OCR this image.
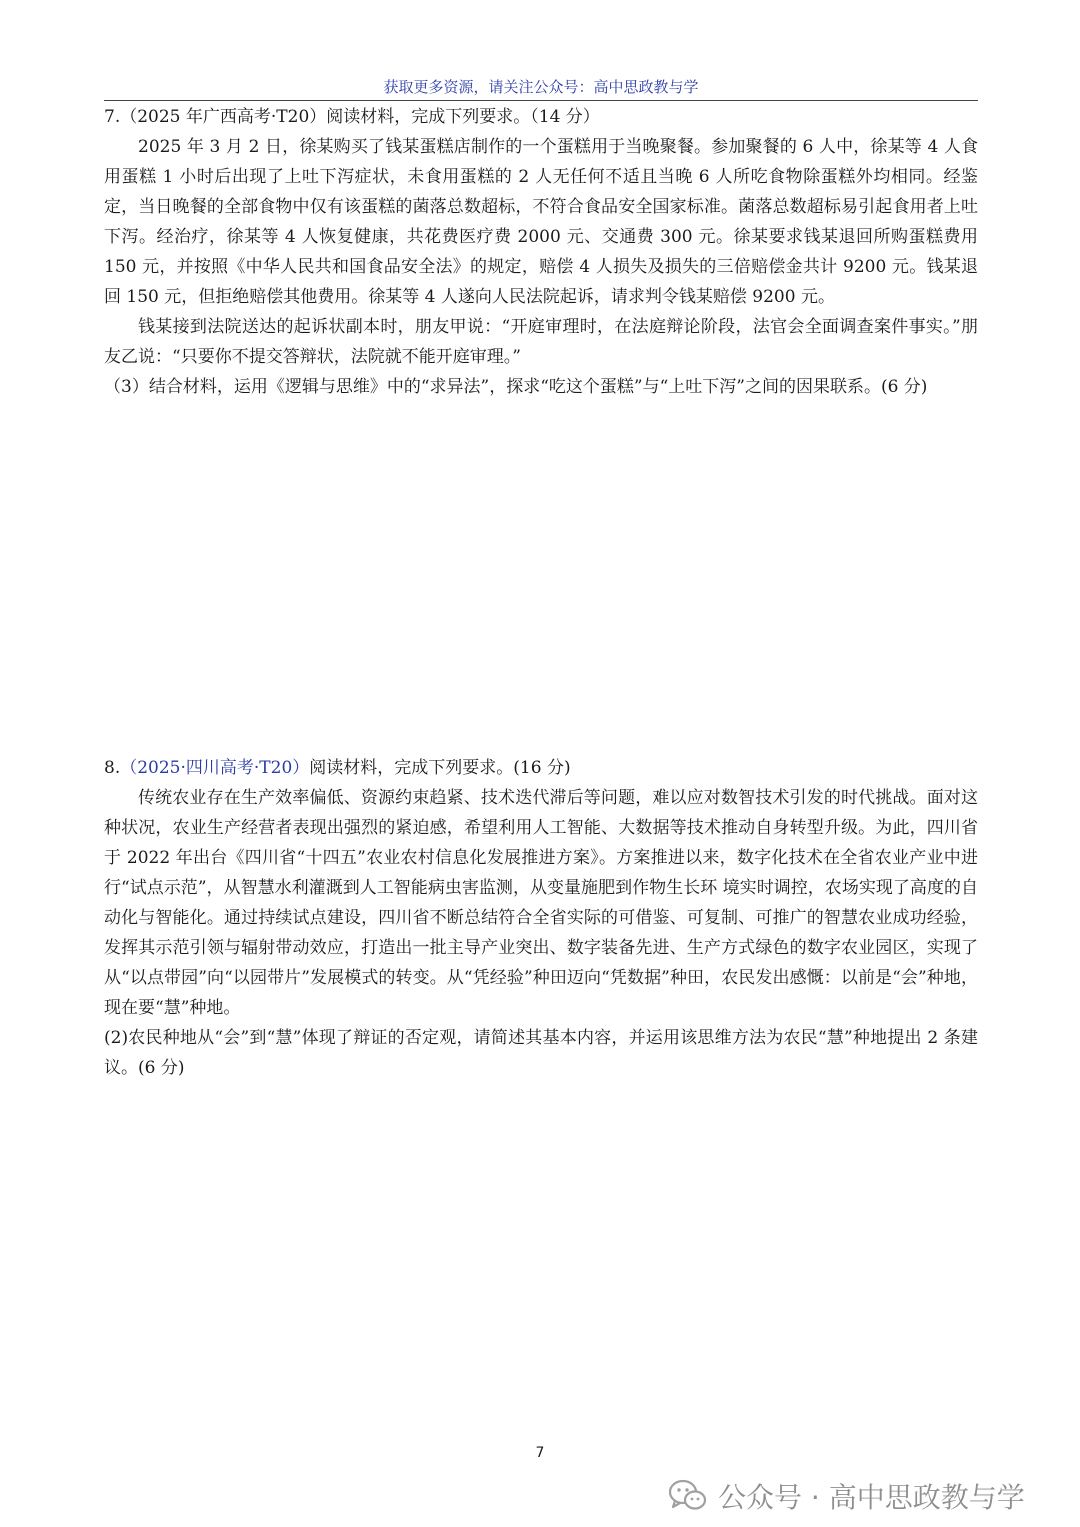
获取更多资源，请关注公众号：高中思政教与学

7.（2025 年广西高考·T20）阅读材料，完成下列要求。（14 分）

2025 年 3 月 2 日，徐某购买了钱某蛋糕店制作的一个蛋糕用于当晚聚餐。参加聚餐的 6 人中，徐某等 4 人食用蛋糕 1 小时后出现了上吐下泻症状，未食用蛋糕的 2 人无任何不适且当晚 6 人所吃食物除蛋糕外均相同。经鉴定，当日晚餐的全部食物中仅有该蛋糕的菌落总数超标，不符合食品安全国家标准。菌落总数超标易引起食用者上吐下泻。经治疗，徐某等 4 人恢复健康，共花费医疗费 2000 元、交通费 300 元。徐某要求钱某退回所购蛋糕费用 150 元，并按照《中华人民共和国食品安全法》的规定，赔偿 4 人损失及损失的三倍赔偿金共计 9200 元。钱某退回 150 元，但拒绝赔偿其他费用。徐某等 4 人遂向人民法院起诉，请求判令钱某赔偿 9200 元。

钱某接到法院送达的起诉状副本时，朋友甲说：“开庭审理时，在法庭辩论阶段，法官会全面调查案件事实。”朋友乙说：“只要你不提交答辩状，法院就不能开庭审理。”

（3）结合材料，运用《逻辑与思维》中的“求异法”，探求“吃这个蛋糕”与“上吐下泻”之间的因果联系。(6 分)

8.（2025·四川高考·T20）阅读材料，完成下列要求。(16 分)

传统农业存在生产效率偏低、资源约束趋紧、技术迭代滞后等问题，难以应对数智技术引发的时代挑战。面对这种状况，农业生产经营者表现出强烈的紧迫感，希望利用人工智能、大数据等技术推动自身转型升级。为此，四川省于 2022 年出台《四川省“十四五”农业农村信息化发展推进方案》。方案推进以来，数字化技术在全省农业产业中进行“试点示范”，从智慧水利灌溉到人工智能病虫害监测，从变量施肥到作物生长环 境实时调控，农场实现了高度的自动化与智能化。通过持续试点建设，四川省不断总结符合全省实际的可借鉴、可复制、可推广的智慧农业成功经验，发挥其示范引领与辐射带动效应，打造出一批主导产业突出、数字装备先进、生产方式绿色的数字农业园区，实现了从“以点带园”向“以园带片”发展模式的转变。从“凭经验”种田迈向“凭数据”种田，农民发出感慨：以前是“会”种地，现在要“慧”种地。

(2)农民种地从“会”到“慧”体现了辩证的否定观，请简述其基本内容，并运用该思维方法为农民“慧”种地提出 2 条建议。(6 分)

7
公众号 · 高中思政教与学
